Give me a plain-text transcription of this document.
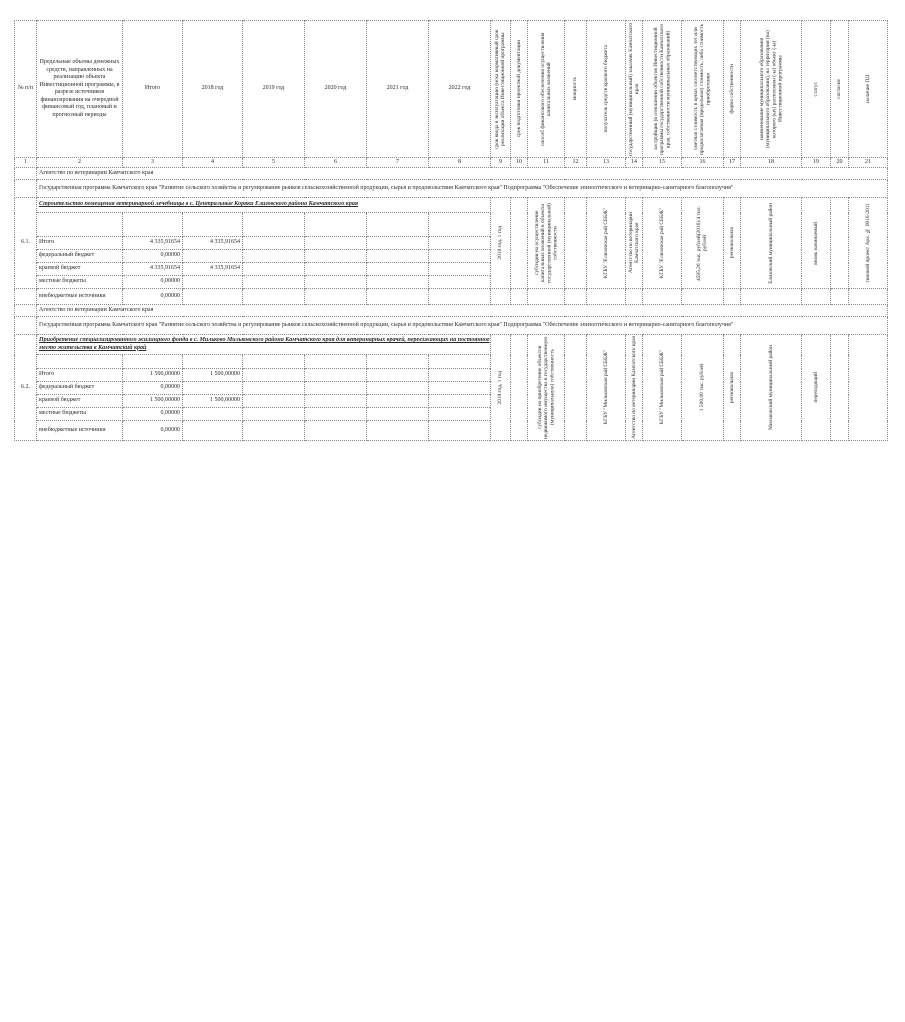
№ п/п	Предельные объемы денежных средств, направленных на реализацию объекта Инвестиционной программы, в разрезе источников финансирования на очередной финансовый год, плановый и прогнозный периоды	Итого	2018 год	2019 год	2020 год	2021 год	2022 год	срок ввода в эксплуатацию (иска нормативный срок реализации объекта Инвестиционной программы	срок подготовки проектной документации	способ финансового обеспечения осуществления капитальных вложений	мощность	получатель средств краевого бюджета	государственный (муниципальный) заказчик Камчатского края	застройщик (в отношении объектов Инвестиционной программы государственной собственности Камчатского края, собственности муниципальных образований)	сметная стоимость в ценах соответствующих лет или предполагаемая (предельная) стоимость, либо стоимость приобретения	форма собственности	наименование муниципального образования (муниципального образования), на территории (на) которого (ых) расположен (-ы) объект (-ы) Инвестиционной программы	статус	согласие	наличие ПД

1	2	3	4	5	6	7	8	9	10	11	12	13	14	15	16	17	18	19	20	21
	Агентство по ветеринарии Камчатского края																			
	Государственная программа Камчатского края "Развитие сельского хозяйства и регулирование рынков сельскохозяйственной продукции, сырья и продовольствия Камчатского края" Подпрограмма "Обеспечение эпизоотического и ветеринарно-санитарного благополучия"																			
6.1.	Строительство помещения ветеринарной лечебницы в с. Центральные Коряки Елизовского района Камчатского края							2018 год, 1 год		субсидии на осуществление капитальных вложений в объекты государственной (муниципальной) собственности		КГБУ "Елизовская рай СББЖ"	Агентство по ветеринарии Камчатского края	КГБУ "Елизовская рай СББЖ"	4595,26 тыс. рублей(2016)/4 тыс. рублей	региональная	Елизовский муниципальный район	вновь начинаемый		типовой проект Арх. № 0016-2011

	Итого	4 335,91654	4 335,91654																	
	федеральный бюджет	0,00000																		
	краевой бюджет	4 335,91654	4 335,91654																	
	местные бюджеты	0,00000																		
	внебюджетные источники	0,00000																		
	Агентство по ветеринарии Камчатского края																			
	Государственная программа Камчатского края "Развитие сельского хозяйства и регулирование рынков сельскохозяйственной продукции, сырья и продовольствия Камчатского края" Подпрограмма "Обеспечение эпизоотического и ветеринарно-санитарного благополучия"																			
6.2.	Приобретение специализированного жилищного фонда в с. Мильково Мильковского района Камчатского края для ветеринарных врачей, переезжающих на постоянное место жительства в Камчатский край							2018 год, 1 год		субсидии на приобретение объектов недвижимого имущества в государственную (муниципальную) собственность		КГБУ "Мильковская рай СББЖ"	Агентство по ветеринарии Камчатского края	КГБУ "Мильковская рай СББЖ"	1 500,00 тыс. рублей	региональная	Мильковский муниципальный район	переходящий		

	Итого	1 500,00000	1 500,00000																	
	федеральный бюджет	0,00000																		
	краевой бюджет	1 500,00000	1 500,00000																	
	местные бюджеты	0,00000																		
	внебюджетные источники	0,00000																		
